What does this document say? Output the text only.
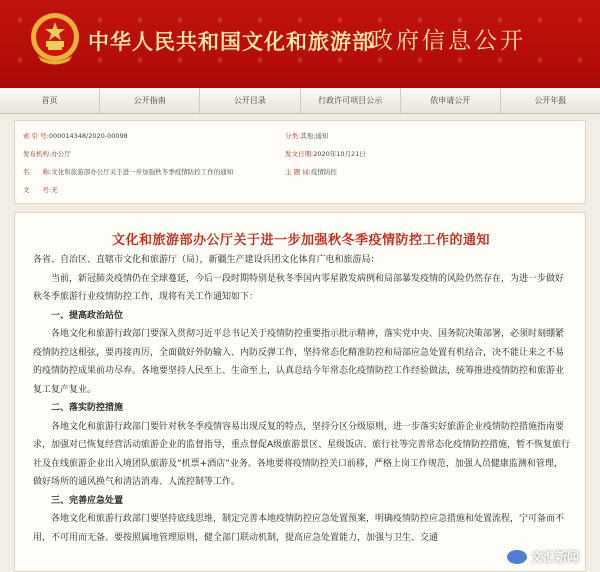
中华人民共和国文化和旅游部
政府信息公开
首页	公开指南	公开目录	行政许可项目公示	依申请公开	公开年报
索 引 号: 000014348/2020-00098	分类: 其他;通知
发布机构: 办公厅	发文日期: 2020年10月21日
名　　称: 文化和旅游部办公厅关于进一步加强秋冬季疫情防控工作的通知	主 题 词: 疫情防控
文　　号: 无
文化和旅游部办公厅关于进一步加强秋冬季疫情防控工作的通知

各省、自治区、直辖市文化和旅游厅（局），新疆生产建设兵团文化体育广电和旅游局：

当前，新冠肺炎疫情仍在全球蔓延，今后一段时期特别是秋冬季国内零星散发病例和局部暴发疫情的风险仍然存在，为进一步做好秋冬季旅游行业疫情防控工作，现将有关工作通知如下：

一、提高政治站位

各地文化和旅游行政部门要深入贯彻习近平总书记关于疫情防控重要指示批示精神，落实党中央、国务院决策部署，必须时刻绷紧疫情防控这根弦，要再接再厉，全面做好外防输入、内防反弹工作，坚持常态化精准防控和局部应急处置有机结合，决不能让来之不易的疫情防控成果前功尽弃。各地要坚持人民至上、生命至上，认真总结今年常态化疫情防控工作经验做法，统筹推进疫情防控和旅游业复工复产复业。

二、落实防控措施

各地文化和旅游行政部门要针对秋冬季疫情容易出现反复的特点，坚持分区分级原则，进一步落实好旅游企业疫情防控措施指南要求，加强对已恢复经营活动旅游企业的监督指导，重点督促A级旅游景区、星级饭店、旅行社等完善常态化疫情防控措施，暂不恢复旅行社及在线旅游企业出入境团队旅游及“机票+酒店”业务。各地要将疫情防控关口前移，严格上岗工作规范，加强人员健康监测和管理，做好场所的通风换气和清洁消毒、人流控制等工作。

三、完善应急处置

各地文化和旅游行政部门要坚持底线思维，制定完善本地疫情防控应急处置预案，明确疫情防控应急措施和处置流程，宁可备而不用，不可用而无备。要按照属地管理原则，健全部门联动机制，提高应急处置能力，加强与卫生、交通

文汇新闻
